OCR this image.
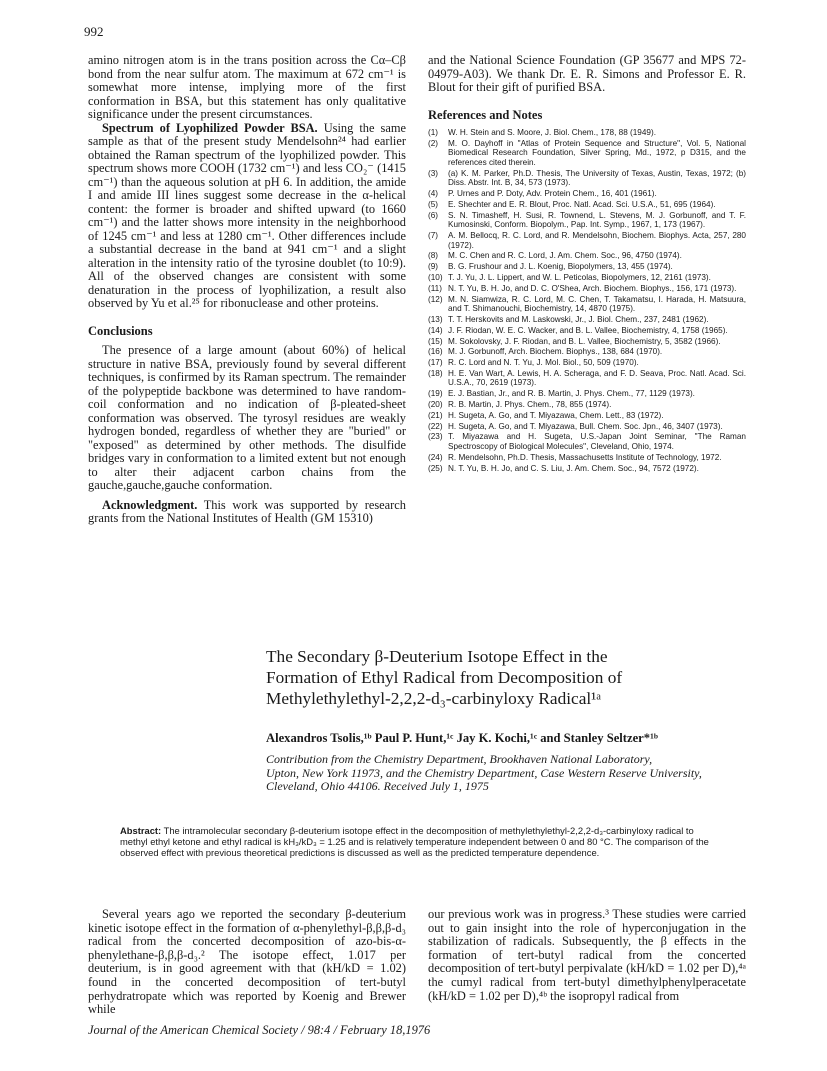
992

amino nitrogen atom is in the trans position across the Cα–Cβ bond from the near sulfur atom. The maximum at 672 cm⁻¹ is somewhat more intense, implying more of the first conformation in BSA, but this statement has only qualitative significance under the present circumstances.

Spectrum of Lyophilized Powder BSA. Using the same sample as that of the present study Mendelsohn²⁴ had earlier obtained the Raman spectrum of the lyophilized powder. This spectrum shows more COOH (1732 cm⁻¹) and less CO₂⁻ (1415 cm⁻¹) than the aqueous solution at pH 6. In addition, the amide I and amide III lines suggest some decrease in the α-helical content: the former is broader and shifted upward (to 1660 cm⁻¹) and the latter shows more intensity in the neighborhood of 1245 cm⁻¹ and less at 1280 cm⁻¹. Other differences include a substantial decrease in the band at 941 cm⁻¹ and a slight alteration in the intensity ratio of the tyrosine doublet (to 10:9). All of the observed changes are consistent with some denaturation in the process of lyophilization, a result also observed by Yu et al.²⁵ for ribonuclease and other proteins.

Conclusions

The presence of a large amount (about 60%) of helical structure in native BSA, previously found by several different techniques, is confirmed by its Raman spectrum. The remainder of the polypeptide backbone was determined to have random-coil conformation and no indication of β-pleated-sheet conformation was observed. The tyrosyl residues are weakly hydrogen bonded, regardless of whether they are "buried" or "exposed" as determined by other methods. The disulfide bridges vary in conformation to a limited extent but not enough to alter their adjacent carbon chains from the gauche,gauche,gauche conformation.

Acknowledgment. This work was supported by research grants from the National Institutes of Health (GM 15310)

and the National Science Foundation (GP 35677 and MPS 72-04979-A03). We thank Dr. E. R. Simons and Professor E. R. Blout for their gift of purified BSA.

References and Notes
(1)	W. H. Stein and S. Moore, J. Biol. Chem., 178, 88 (1949).
(2)	M. O. Dayhoff in "Atlas of Protein Sequence and Structure", Vol. 5, National Biomedical Research Foundation, Silver Spring, Md., 1972, p D315, and the references cited therein.
(3)	(a) K. M. Parker, Ph.D. Thesis, The University of Texas, Austin, Texas, 1972; (b) Diss. Abstr. Int. B, 34, 573 (1973).
(4)	P. Urnes and P. Doty, Adv. Protein Chem., 16, 401 (1961).
(5)	E. Shechter and E. R. Blout, Proc. Natl. Acad. Sci. U.S.A., 51, 695 (1964).
(6)	S. N. Timasheff, H. Susi, R. Townend, L. Stevens, M. J. Gorbunoff, and T. F. Kumosinski, Conform. Biopolym., Pap. Int. Symp., 1967, 1, 173 (1967).
(7)	A. M. Bellocq, R. C. Lord, and R. Mendelsohn, Biochem. Biophys. Acta, 257, 280 (1972).
(8)	M. C. Chen and R. C. Lord, J. Am. Chem. Soc., 96, 4750 (1974).
(9)	B. G. Frushour and J. L. Koenig, Biopolymers, 13, 455 (1974).
(10) T. J. Yu, J. L. Lippert, and W. L. Peticolas, Biopolymers, 12, 2161 (1973).
(11) N. T. Yu, B. H. Jo, and D. C. O'Shea, Arch. Biochem. Biophys., 156, 171 (1973).
(12) M. N. Siamwiza, R. C. Lord, M. C. Chen, T. Takamatsu, I. Harada, H. Matsuura, and T. Shimanouchi, Biochemistry, 14, 4870 (1975).
(13) T. T. Herskovits and M. Laskowski, Jr., J. Biol. Chem., 237, 2481 (1962).
(14) J. F. Riodan, W. E. C. Wacker, and B. L. Vallee, Biochemistry, 4, 1758 (1965).
(15) M. Sokolovsky, J. F. Riodan, and B. L. Vallee, Biochemistry, 5, 3582 (1966).
(16) M. J. Gorbunoff, Arch. Biochem. Biophys., 138, 684 (1970).
(17) R. C. Lord and N. T. Yu, J. Mol. Biol., 50, 509 (1970).
(18) H. E. Van Wart, A. Lewis, H. A. Scheraga, and F. D. Seava, Proc. Natl. Acad. Sci. U.S.A., 70, 2619 (1973).
(19) E. J. Bastian, Jr., and R. B. Martin, J. Phys. Chem., 77, 1129 (1973).
(20) R. B. Martin, J. Phys. Chem., 78, 855 (1974).
(21) H. Sugeta, A. Go, and T. Miyazawa, Chem. Lett., 83 (1972).
(22) H. Sugeta, A. Go, and T. Miyazawa, Bull. Chem. Soc. Jpn., 46, 3407 (1973).
(23) T. Miyazawa and H. Sugeta, U.S.-Japan Joint Seminar, "The Raman Spectroscopy of Biological Molecules", Cleveland, Ohio, 1974.
(24) R. Mendelsohn, Ph.D. Thesis, Massachusetts Institute of Technology, 1972.
(25) N. T. Yu, B. H. Jo, and C. S. Liu, J. Am. Chem. Soc., 94, 7572 (1972).
The Secondary β-Deuterium Isotope Effect in the
Formation of Ethyl Radical from Decomposition of
Methylethylethyl-2,2,2-d₃-carbinyloxy Radical¹ᵃ
Alexandros Tsolis,¹ᵇ Paul P. Hunt,¹ᶜ Jay K. Kochi,¹ᶜ and Stanley Seltzer*¹ᵇ
Contribution from the Chemistry Department, Brookhaven National Laboratory,
Upton, New York 11973, and the Chemistry Department, Case Western Reserve University,
Cleveland, Ohio 44106. Received July 1, 1975
Abstract: The intramolecular secondary β-deuterium isotope effect in the decomposition of methylethylethyl-2,2,2-d₃-carbinyloxy radical to methyl ethyl ketone and ethyl radical is kH₃/kD₃ = 1.25 and is relatively temperature independent between 0 and 80 °C. The comparison of the observed effect with previous theoretical predictions is discussed as well as the predicted temperature dependence.

Several years ago we reported the secondary β-deuterium kinetic isotope effect in the formation of α-phenylethyl-β,β,β-d₃ radical from the concerted decomposition of azo-bis-α-phenylethane-β,β,β-d₃.² The isotope effect, 1.017 per deuterium, is in good agreement with that (kH/kD = 1.02) found in the concerted decomposition of tert-butyl perhydratropate which was reported by Koenig and Brewer while

our previous work was in progress.³ These studies were carried out to gain insight into the role of hyperconjugation in the stabilization of radicals. Subsequently, the β effects in the formation of tert-butyl radical from the concerted decomposition of tert-butyl perpivalate (kH/kD = 1.02 per D),⁴ᵃ the cumyl radical from tert-butyl dimethylphenylperacetate (kH/kD = 1.02 per D),⁴ᵇ the isopropyl radical from

Journal of the American Chemical Society / 98:4 / February 18,1976
